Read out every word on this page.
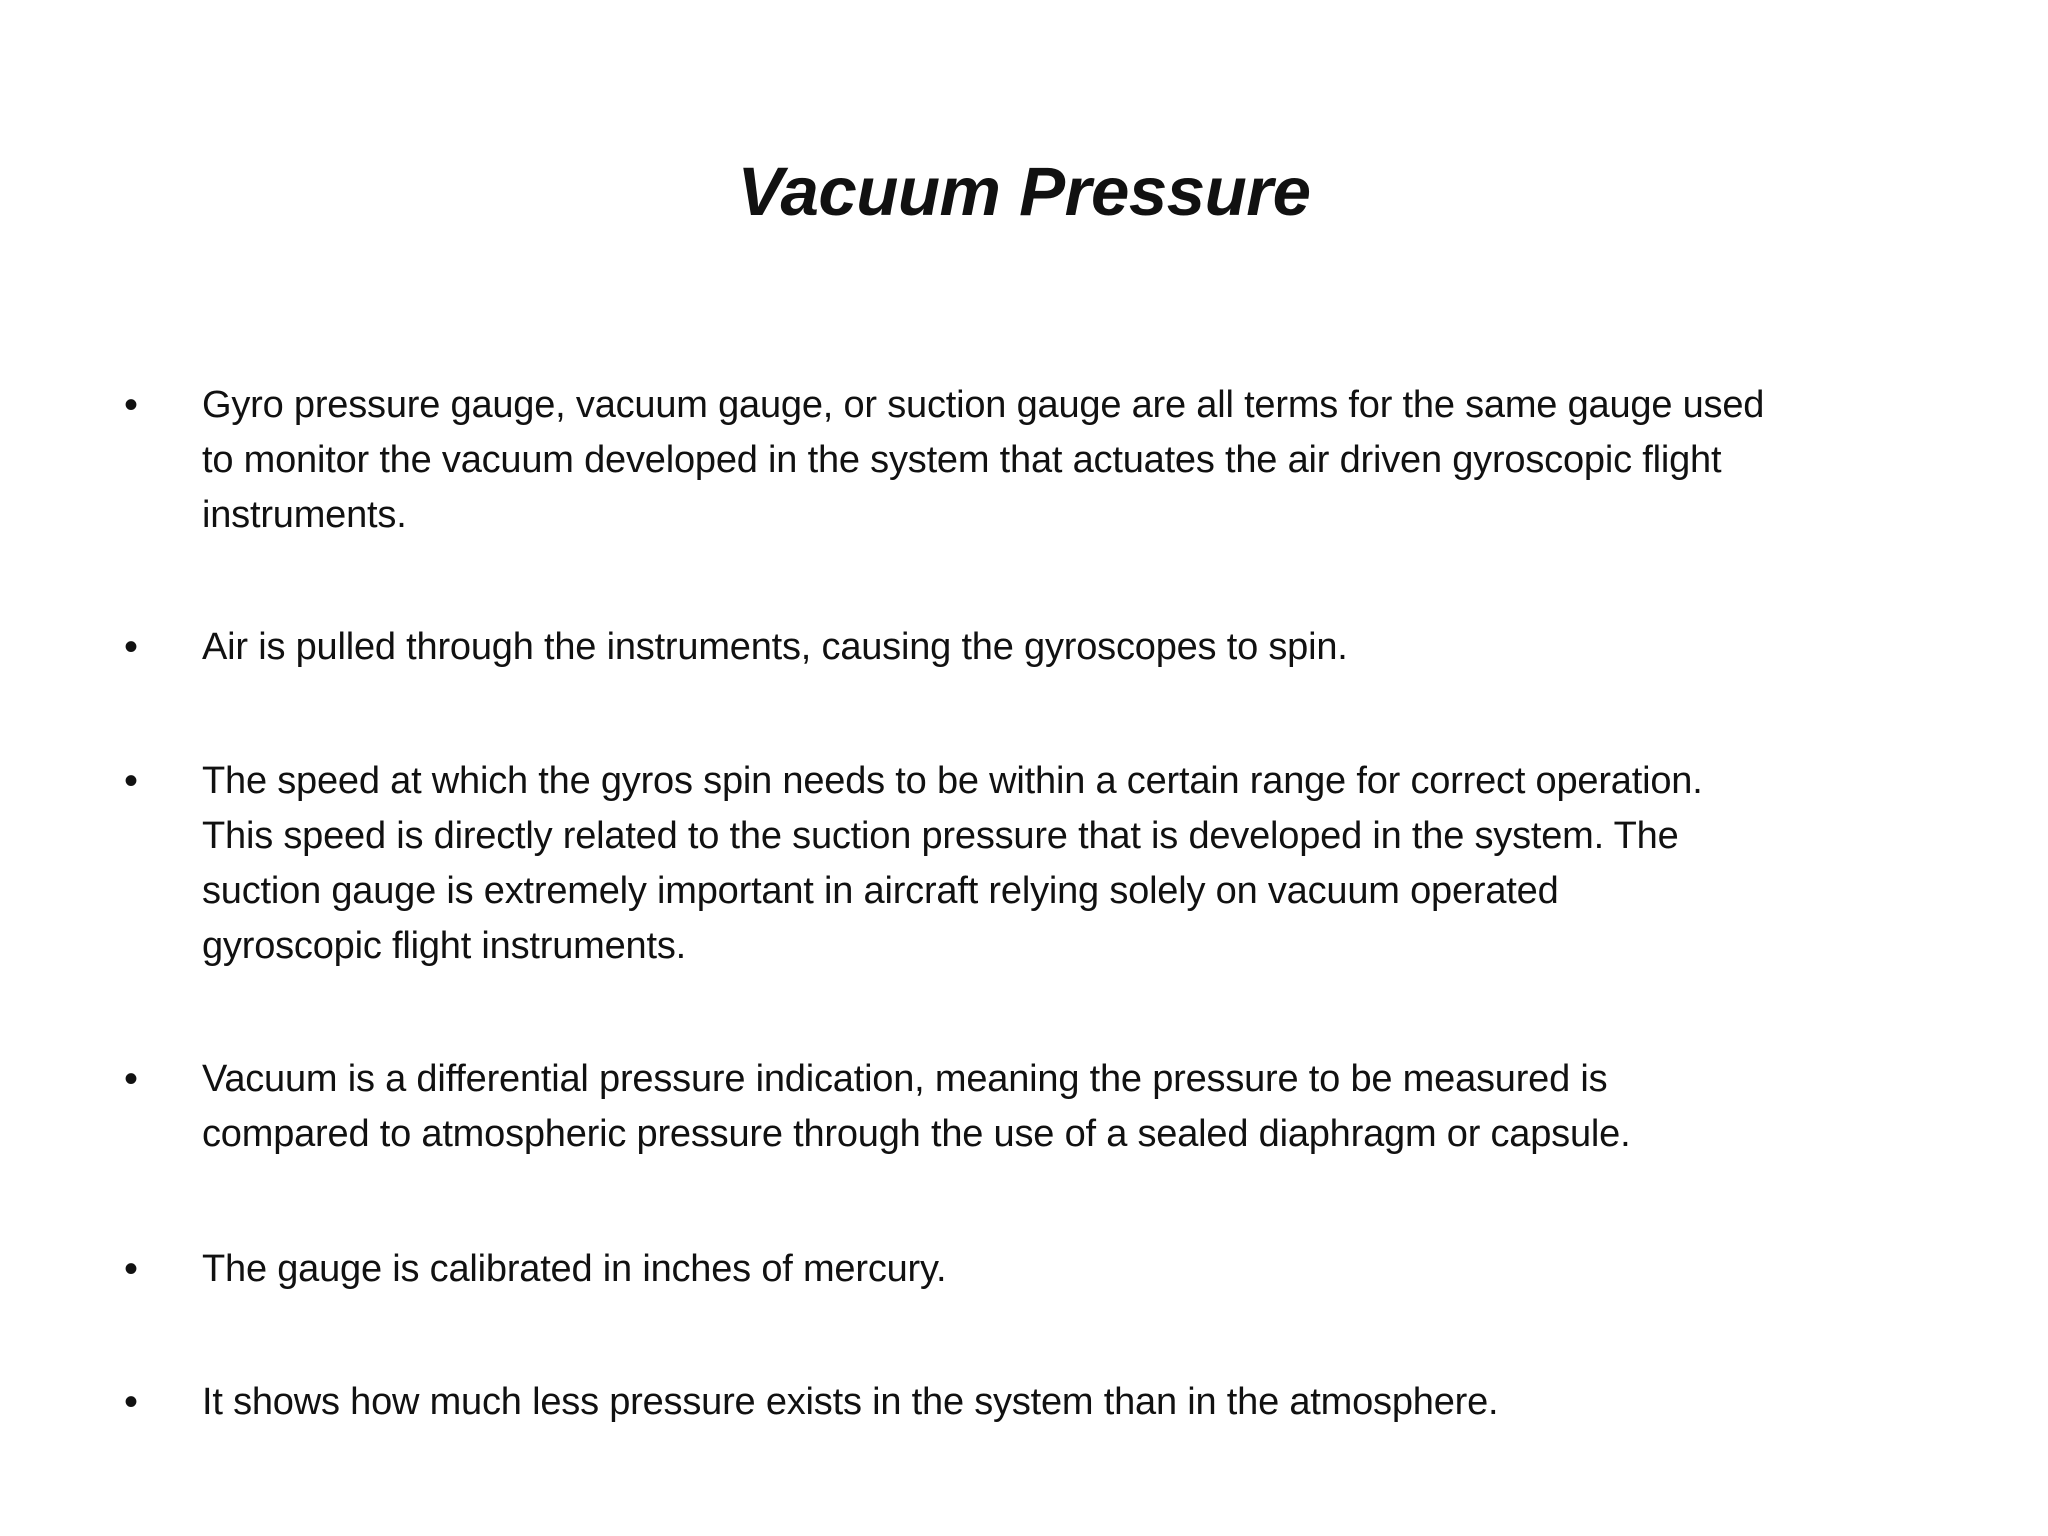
Vacuum Pressure
• Gyro pressure gauge, vacuum gauge, or suction gauge are all terms for the same gauge used
to monitor the vacuum developed in the system that actuates the air driven gyroscopic flight
instruments.
• Air is pulled through the instruments, causing the gyroscopes to spin.
• The speed at which the gyros spin needs to be within a certain range for correct operation.
This speed is directly related to the suction pressure that is developed in the system. The
suction gauge is extremely important in aircraft relying solely on vacuum operated
gyroscopic flight instruments.
• Vacuum is a differential pressure indication, meaning the pressure to be measured is
compared to atmospheric pressure through the use of a sealed diaphragm or capsule.
• The gauge is calibrated in inches of mercury.
• It shows how much less pressure exists in the system than in the atmosphere.
